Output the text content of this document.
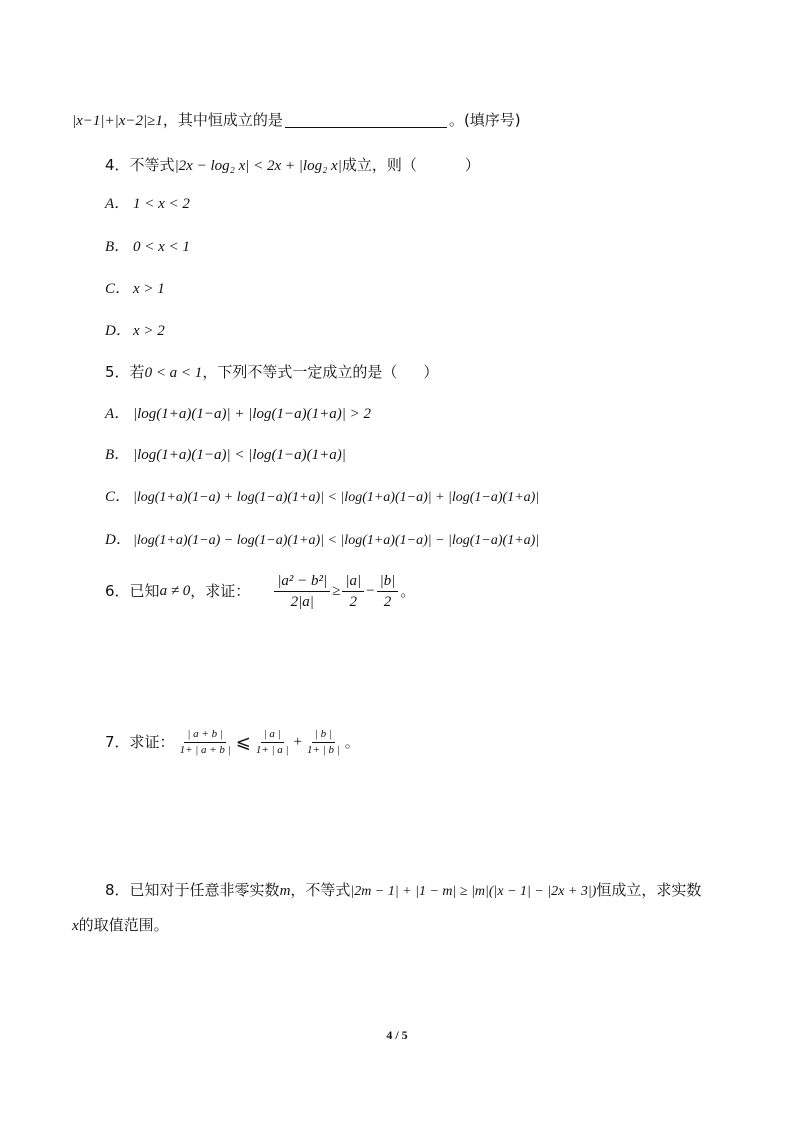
|x−1|+|x−2|≥1，其中恒成立的是	。(填序号)
4．不等式|2x − log₂ x| < 2x + |log₂ x|成立，则（	）
A． 1 < x < 2
B． 0 < x < 1
C． x > 1
D． x > 2
5．若0 < a < 1，下列不等式一定成立的是（ ）
A． |log(1+a)(1−a)| + |log(1−a)(1+a)| > 2
B． |log(1+a)(1−a)| < |log(1−a)(1+a)|
C． |log(1+a)(1−a) + log(1−a)(1+a)| < |log(1+a)(1−a)| + |log(1−a)(1+a)|
D． |log(1+a)(1−a) − log(1−a)(1+a)| < |log(1+a)(1−a)| − |log(1−a)(1+a)|
6． 已知 a ≠ 0 ，求证： $\frac{\text{|a² − b²|}}{2|a|} \ge \frac{|a|}{2} - \frac{|b|}{2}$ 。
7． 求证： $\frac{| a + b |}{1+ | a + b |}$ ⩽ $\frac{| a |}{1+ | a |} + \frac{| b |}{1+ | b |}$ 。
8．已知对于任意非零实数m，不等式|2m − 1| + |1 − m| ≥ |m|(|x − 1| − |2x + 3|)恒成立，求实数
x的取值范围。
4 / 5
